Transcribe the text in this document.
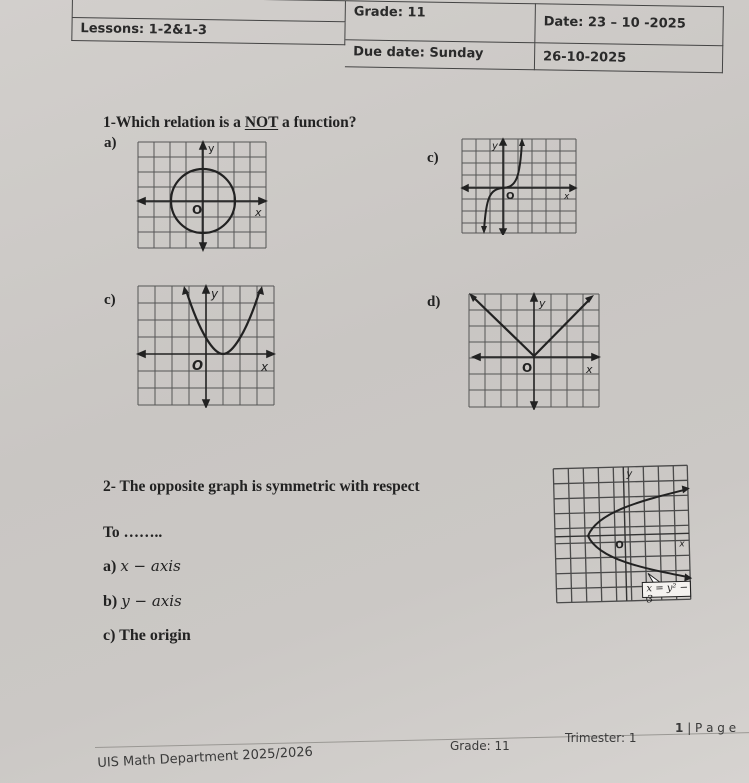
Lessons: 1-2&1-3
Grade: 11
Date: 23 – 10 -2025
Due date: Sunday	26-10-2025
1-Which relation is a NOT a function?
a)	y
O	x
c)
y
O	x
c)	y
O	x
d)	y
O	x
2- The opposite graph is symmetric with respect
To ……..
a) x − axis
b) y − axis
c) The origin
y
O	x
x = y² − 3
UIS Math Department 2025/2026	Grade: 11
Trimester: 1
1 | P a g e
